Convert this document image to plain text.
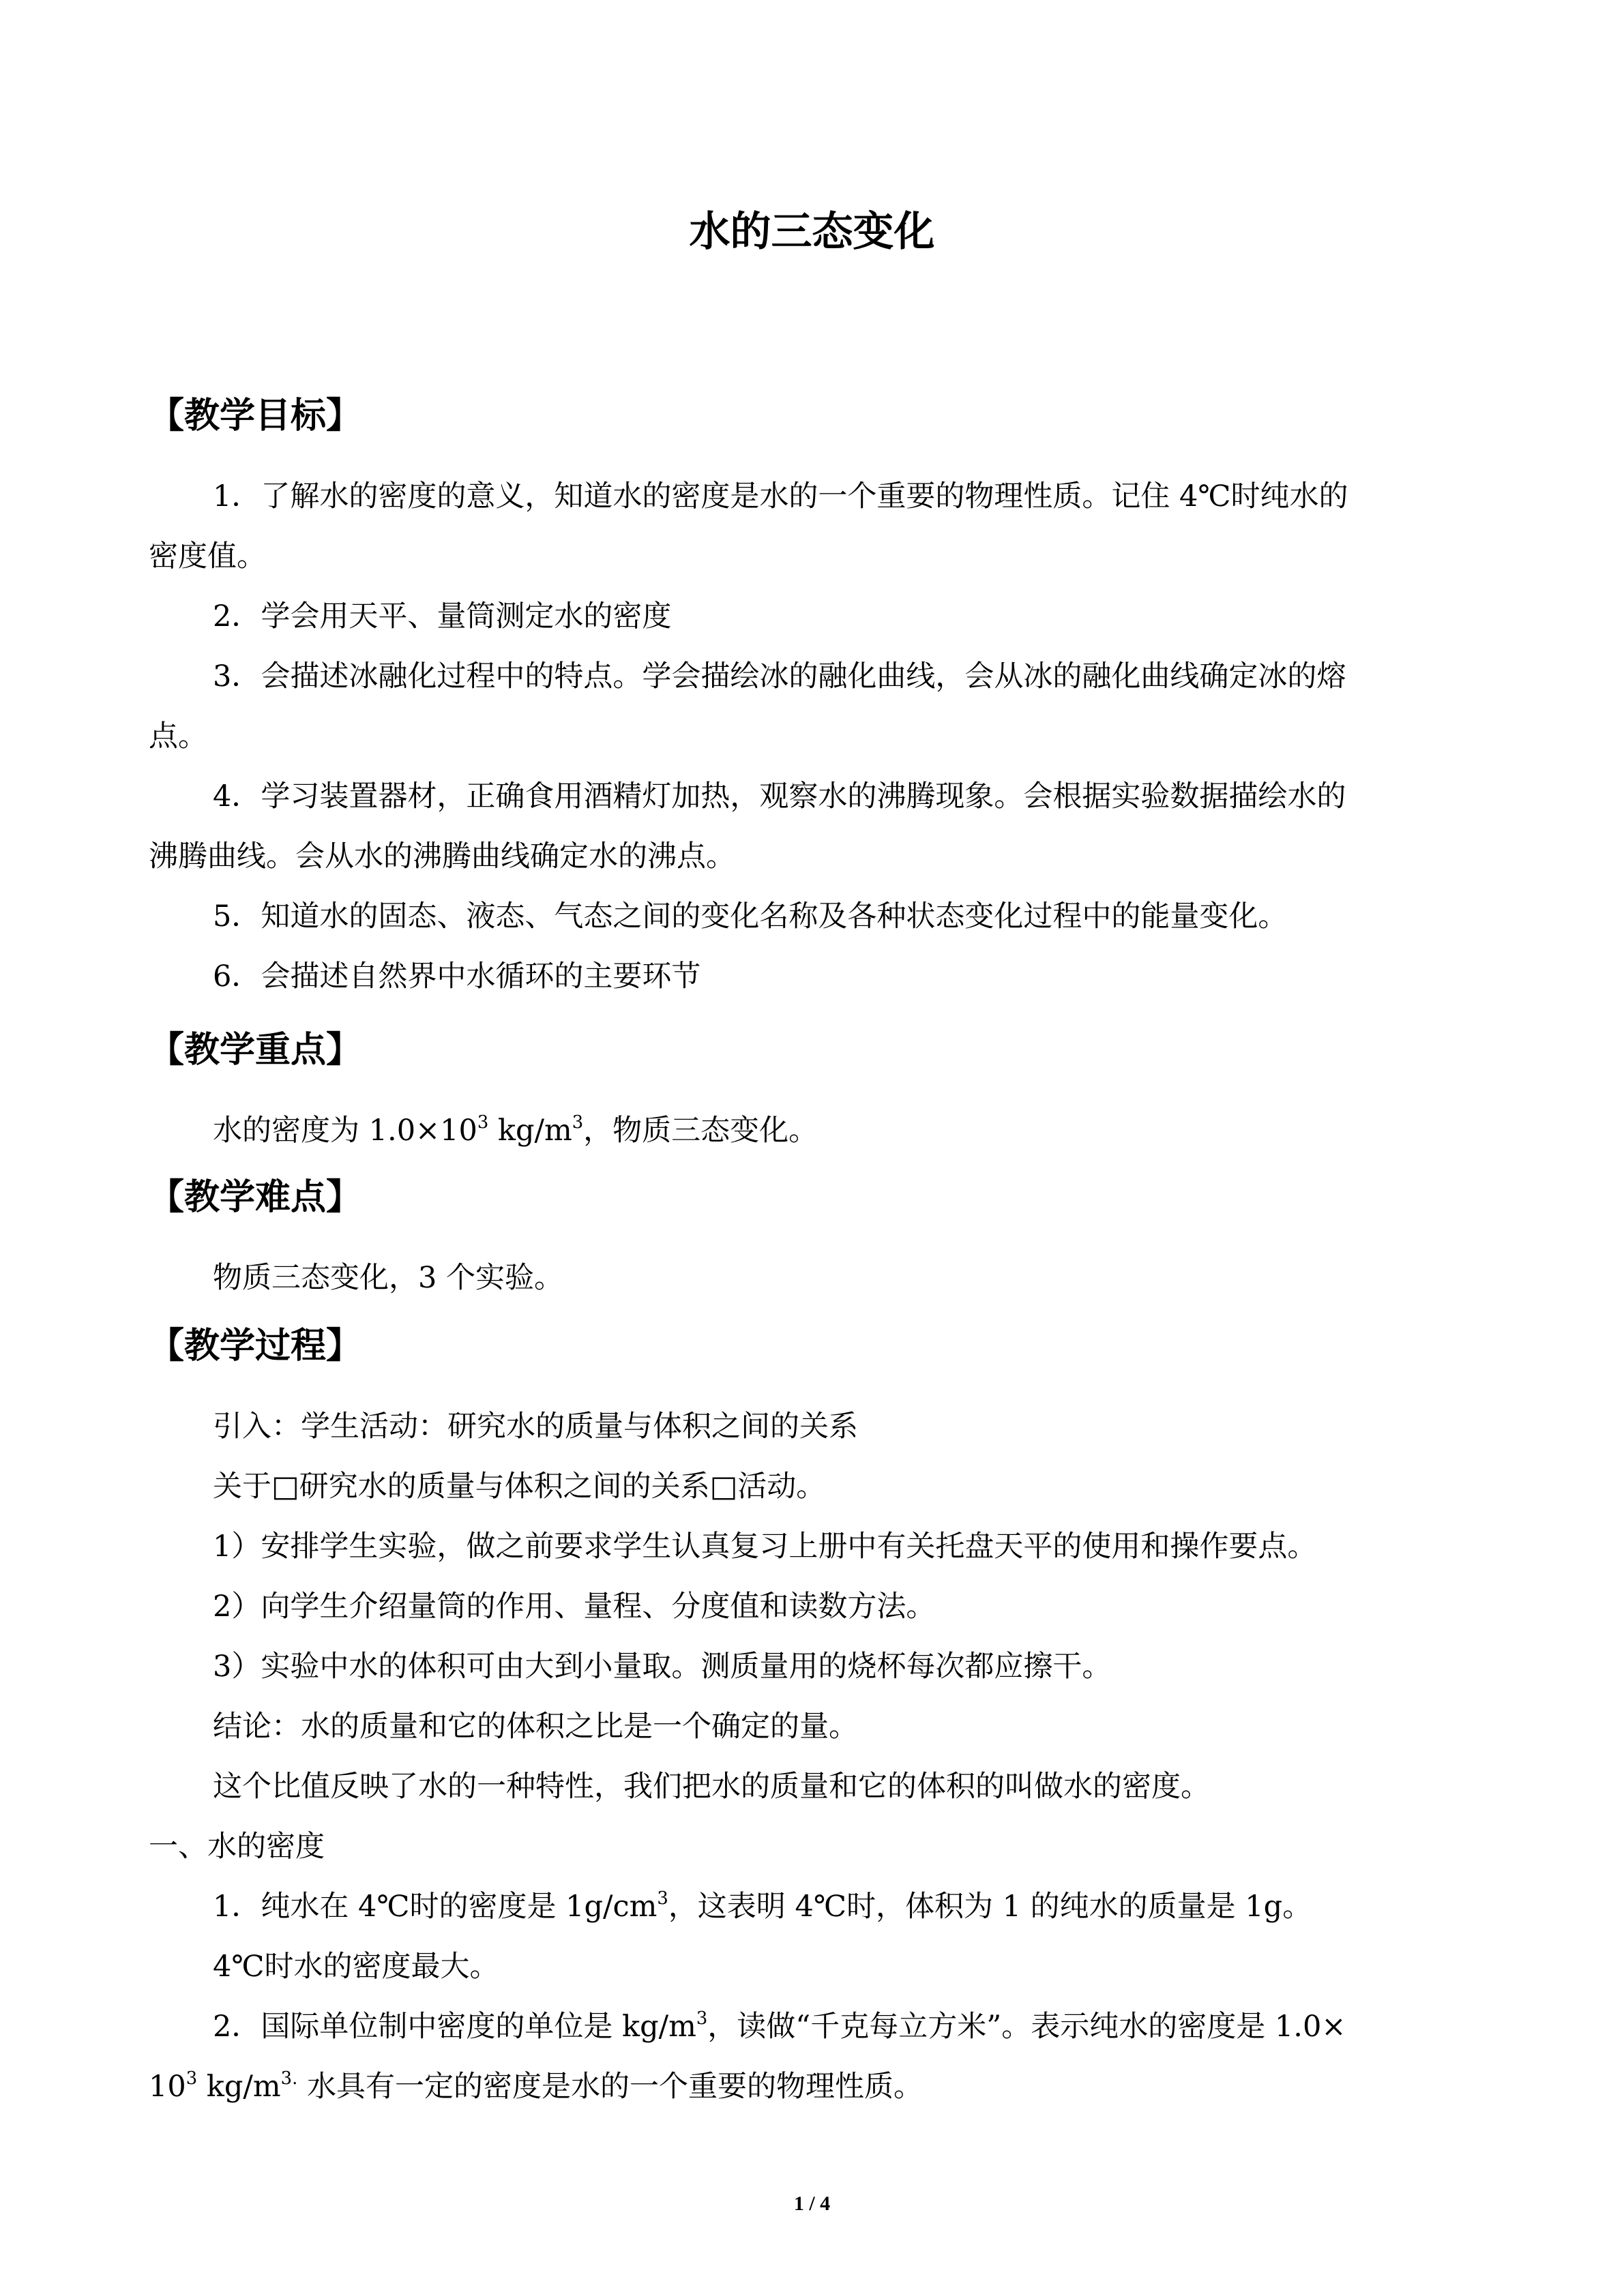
水的三态变化
【教学目标】
1．了解水的密度的意义，知道水的密度是水的一个重要的物理性质。记住 4℃时纯水的
密度值。
2．学会用天平、量筒测定水的密度
3．会描述冰融化过程中的特点。学会描绘冰的融化曲线，会从冰的融化曲线确定冰的熔
点。
4．学习装置器材，正确食用酒精灯加热，观察水的沸腾现象。会根据实验数据描绘水的
沸腾曲线。会从水的沸腾曲线确定水的沸点。
5．知道水的固态、液态、气态之间的变化名称及各种状态变化过程中的能量变化。
6．会描述自然界中水循环的主要环节
【教学重点】
水的密度为 $1.0\times 10^3$ $kg/m^3$，物质三态变化。
【教学难点】
物质三态变化，3 个实验。
【教学过程】
引入：学生活动：研究水的质量与体积之间的关系
关于□研究水的质量与体积之间的关系□活动。
1）安排学生实验，做之前要求学生认真复习上册中有关托盘天平的使用和操作要点。
2）向学生介绍量筒的作用、量程、分度值和读数方法。
3）实验中水的体积可由大到小量取。测质量用的烧杯每次都应擦干。
结论：水的质量和它的体积之比是一个确定的量。
这个比值反映了水的一种特性，我们把水的质量和它的体积的叫做水的密度。
一、水的密度
1．纯水在 4℃时的密度是 $1g/cm^3$，这表明 4℃时，体积为 1 的纯水的质量是 1g。
4℃时水的密度最大。
2．国际单位制中密度的单位是 $kg/m^3$，读做“千克每立方米”。表示纯水的密度是 1.0×
$10^3$ $kg/m^{3.}$ 水具有一定的密度是水的一个重要的物理性质。
1 / 4
